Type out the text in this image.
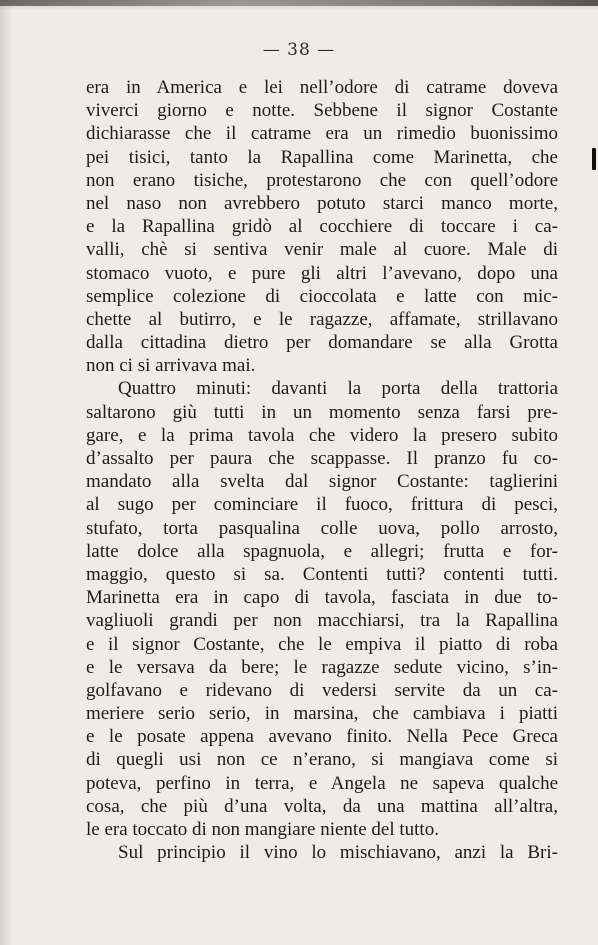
— 38 —
era in America e lei nell’odore di catrame doveva
viverci giorno e notte. Sebbene il signor Costante
dichiarasse che il catrame era un rimedio buonissimo
pei tisici, tanto la Rapallina come Marinetta, che
non erano tisiche, protestarono che con quell’odore
nel naso non avrebbero potuto starci manco morte,
e la Rapallina gridò al cocchiere di toccare i ca-
valli, chè si sentiva venir male al cuore. Male di
stomaco vuoto, e pure gli altri l’avevano, dopo una
semplice colezione di cioccolata e latte con mic-
chette al butirro, e le ragazze, affamate, strillavano
dalla cittadina dietro per domandare se alla Grotta
non ci si arrivava mai.
Quattro minuti: davanti la porta della trattoria
saltarono giù tutti in un momento senza farsi pre-
gare, e la prima tavola che videro la presero subito
d’assalto per paura che scappasse. Il pranzo fu co-
mandato alla svelta dal signor Costante: taglierini
al sugo per cominciare il fuoco, frittura di pesci,
stufato, torta pasqualina colle uova, pollo arrosto,
latte dolce alla spagnuola, e allegri; frutta e for-
maggio, questo si sa. Contenti tutti? contenti tutti.
Marinetta era in capo di tavola, fasciata in due to-
vagliuoli grandi per non macchiarsi, tra la Rapallina
e il signor Costante, che le empiva il piatto di roba
e le versava da bere; le ragazze sedute vicino, s’in-
golfavano e ridevano di vedersi servite da un ca-
meriere serio serio, in marsina, che cambiava i piatti
e le posate appena avevano finito. Nella Pece Greca
di quegli usi non ce n’erano, si mangiava come si
poteva, perfino in terra, e Angela ne sapeva qualche
cosa, che più d’una volta, da una mattina all’altra,
le era toccato di non mangiare niente del tutto.
Sul principio il vino lo mischiavano, anzi la Bri-
